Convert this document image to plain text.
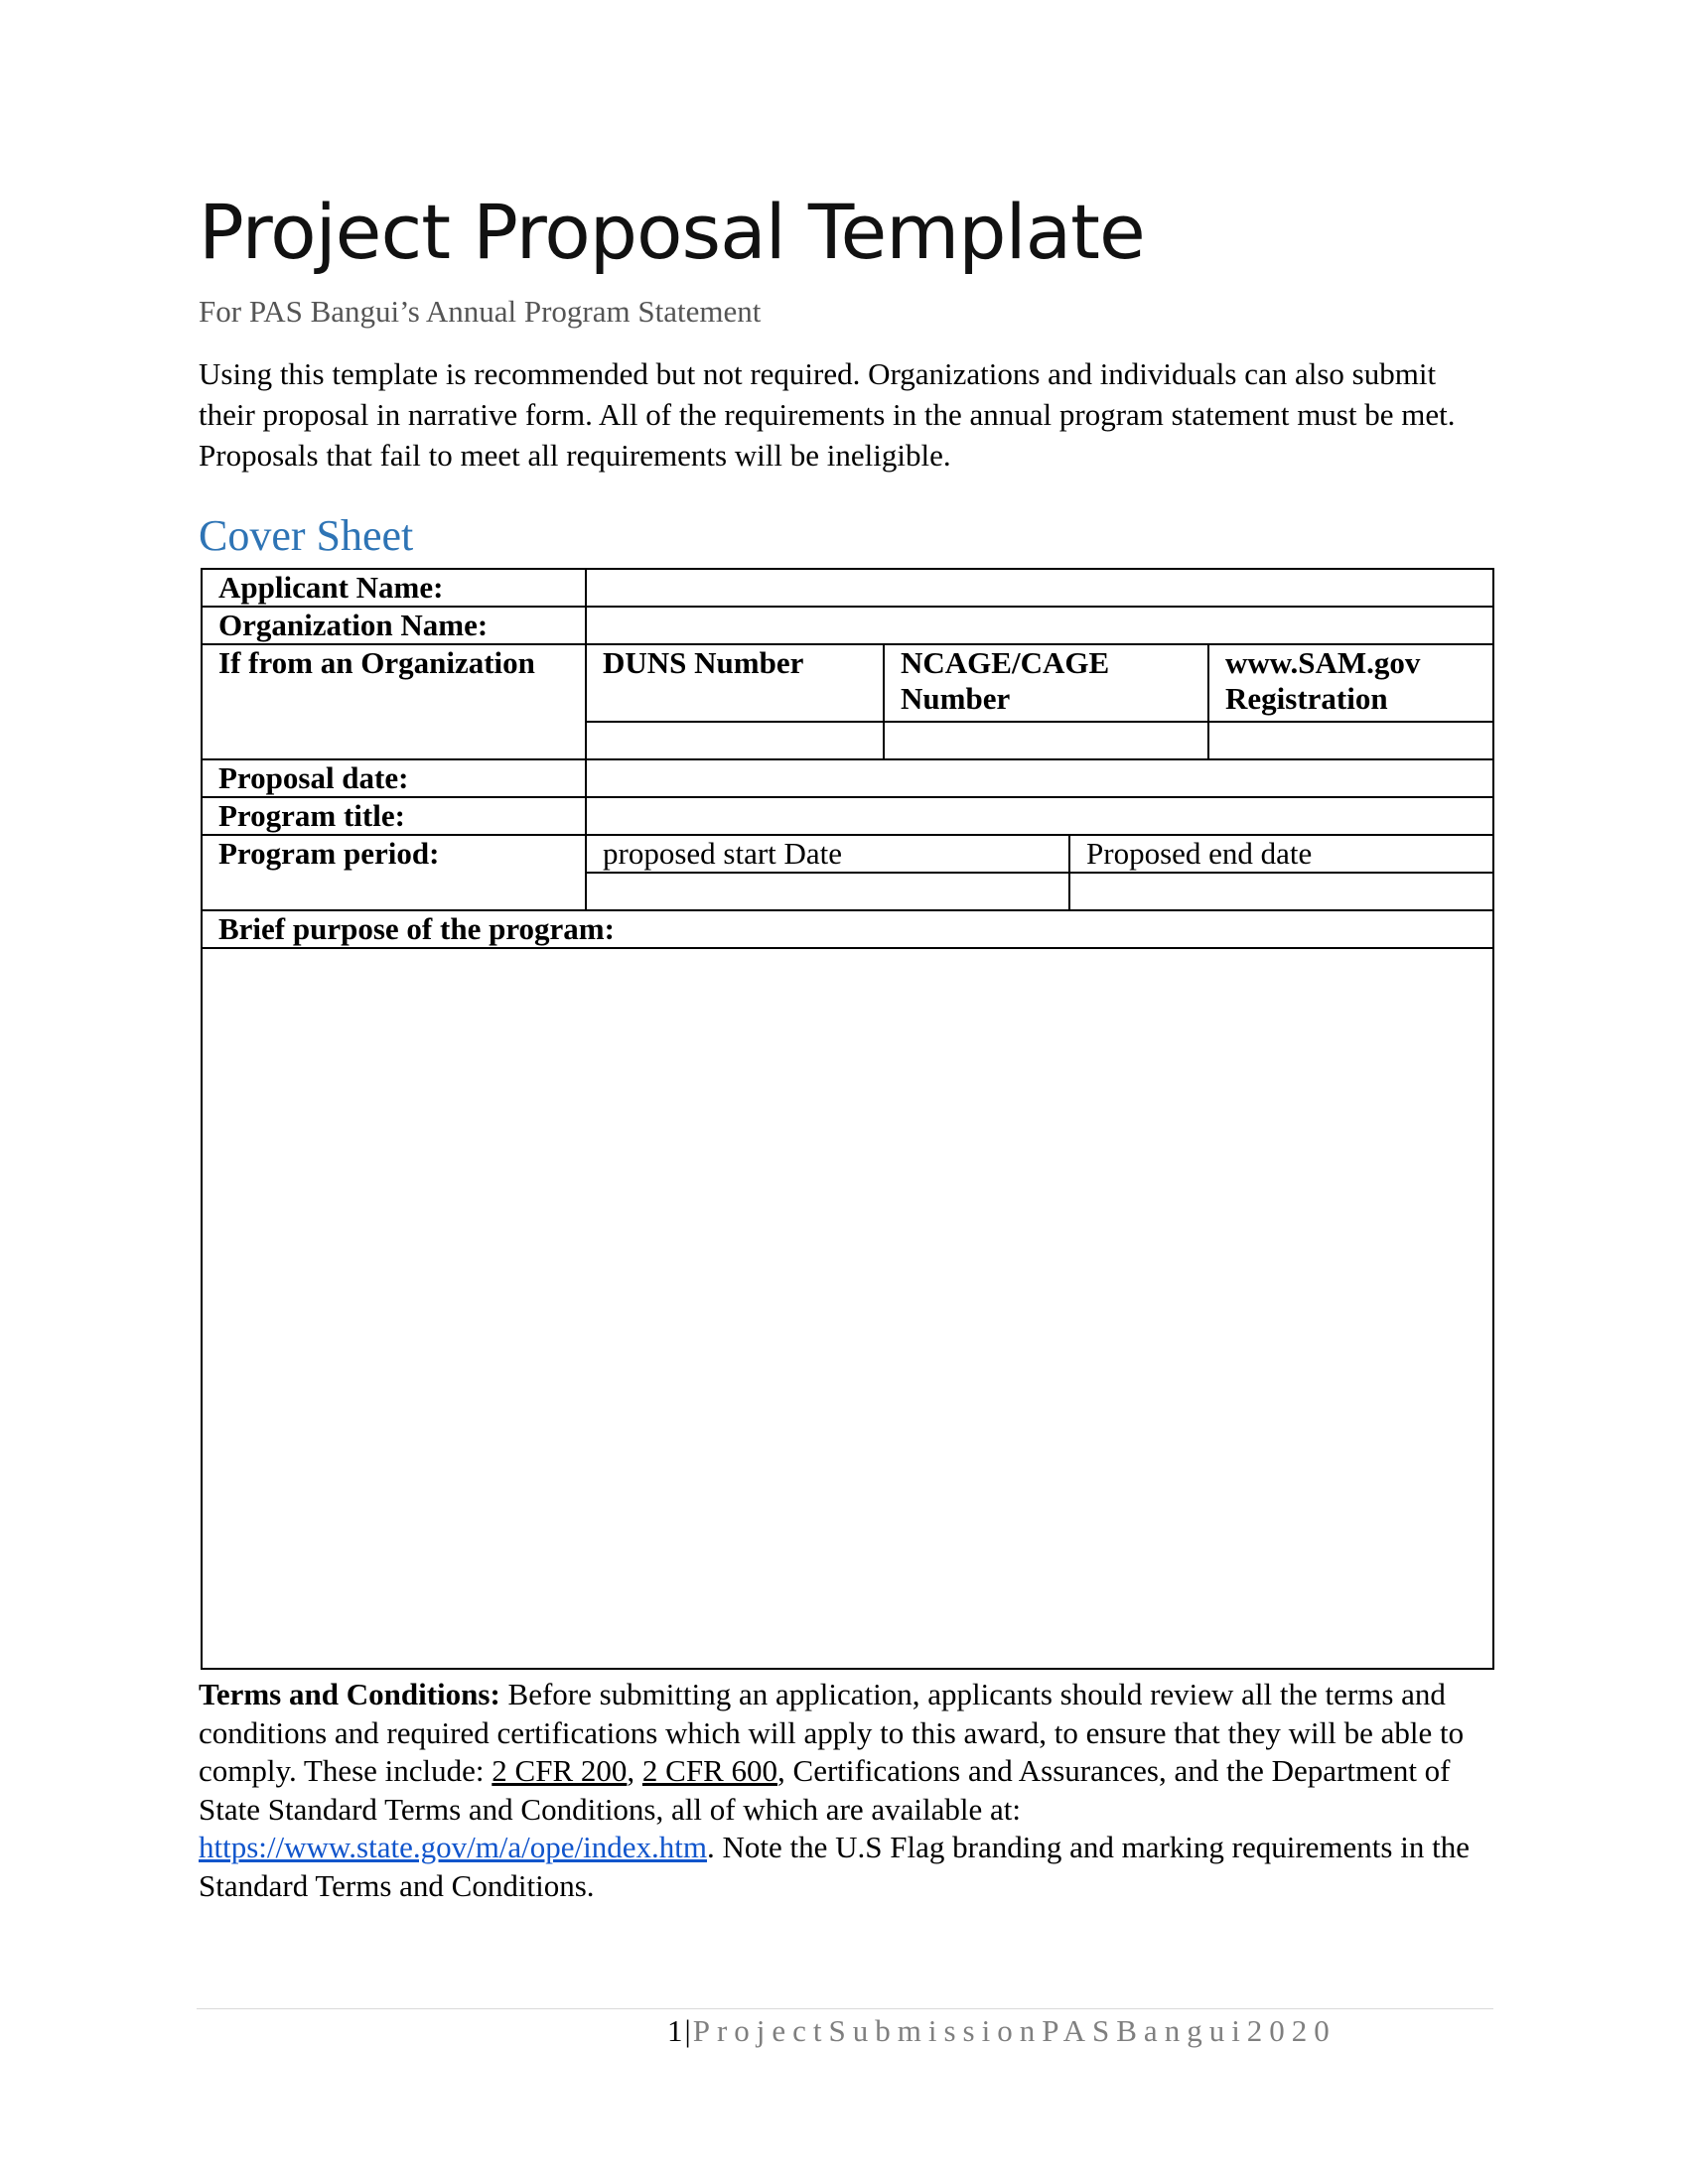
Project Proposal Template

For PAS Bangui’s Annual Program Statement

Using this template is recommended but not required. Organizations and individuals can also submit their proposal in narrative form. All of the requirements in the annual program statement must be met. Proposals that fail to meet all requirements will be ineligible.

Cover Sheet
Applicant Name:				
Organization Name:				
If from an Organization	DUNS Number	NCAGE/CAGE Number		www.SAM.gov Registration

Proposal date:				
Program title:				
Program period:	proposed start Date		Proposed end date	

Brief purpose of the program:				

Terms and Conditions: Before submitting an application, applicants should review all the terms and conditions and required certifications which will apply to this award, to ensure that they will be able to comply. These include: 2 CFR 200, 2 CFR 600, Certifications and Assurances, and the Department of State Standard Terms and Conditions, all of which are available at: https://www.state.gov/m/a/ope/index.htm. Note the U.S Flag branding and marking requirements in the Standard Terms and Conditions.

1|ProjectSubmissionPASBangui2020
